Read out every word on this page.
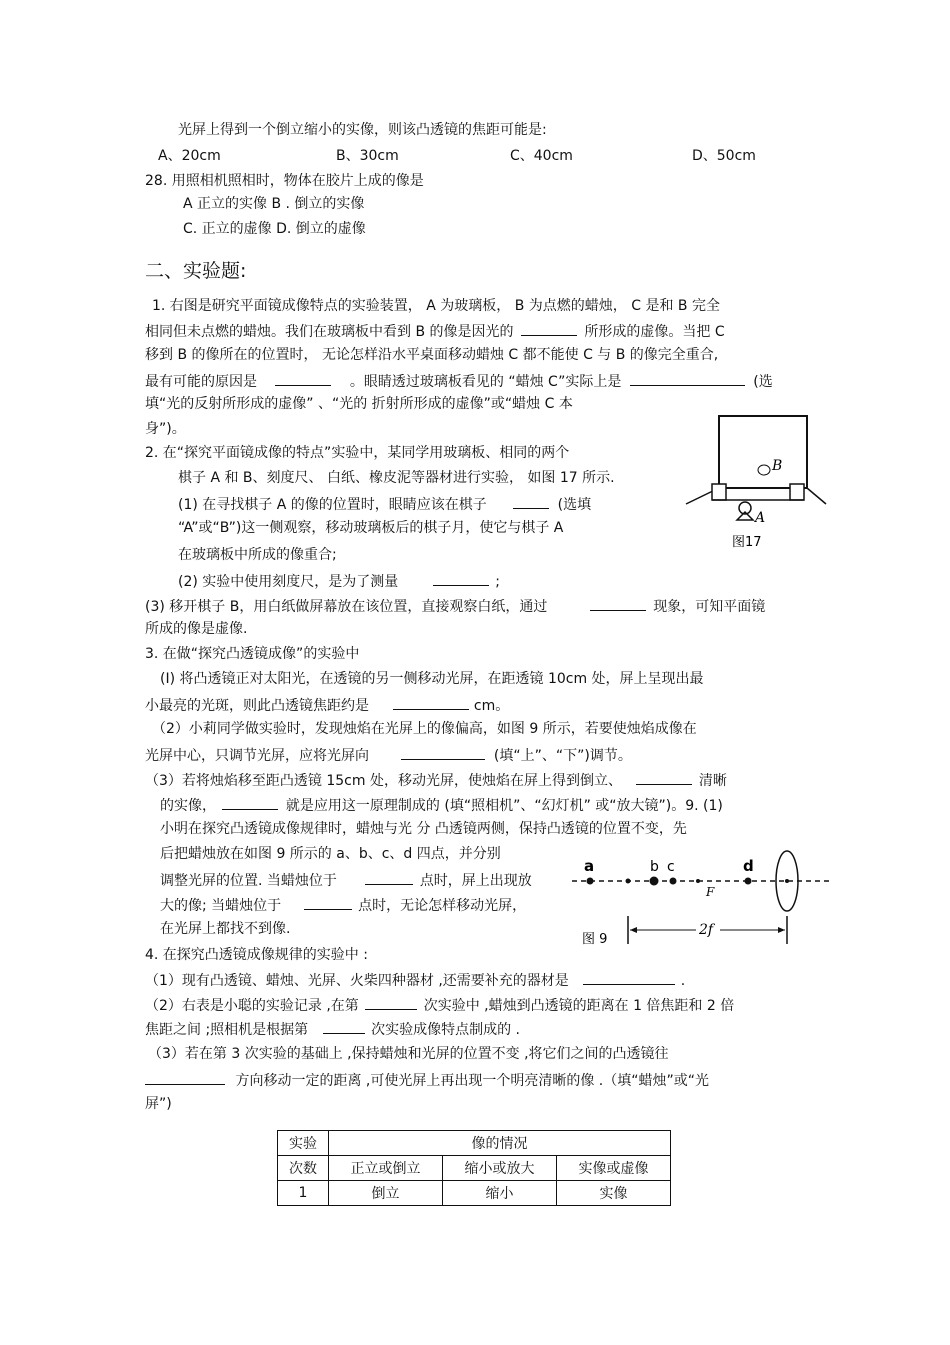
光屏上得到一个倒立缩小的实像，则该凸透镜的焦距可能是:
A、20cm	B、30cm	C、40cm	D、50cm
28. 用照相机照相时，物体在胶片上成的像是
A 正立的实像 B . 倒立的实像
C. 正立的虚像 D. 倒立的虚像
二、实验题:
1. 右图是研究平面镜成像特点的实验装置， A 为玻璃板， B 为点燃的蜡烛， C 是和 B 完全
相同但未点燃的蜡烛。我们在玻璃板中看到 B 的像是因光的	所形成的虚像。当把 C
移到 B 的像所在的位置时， 无论怎样沿水平桌面移动蜡烛 C 都不能使 C 与 B 的像完全重合,
最有可能的原因是	。眼睛透过玻璃板看见的 “蜡烛 C”实际上是	(选
填“光的反射所形成的虚像” 、“光的 折射所形成的虚像”或“蜡烛 C 本
身”)。
2. 在“探究平面镜成像的特点”实验中，某同学用玻璃板、相同的两个
棋子 A 和 B、刻度尺、 白纸、橡皮泥等器材进行实验， 如图 17 所示.
(1) 在寻找棋子 A 的像的位置时，眼睛应该在棋子	(选填
“A”或“B”)这一侧观察，移动玻璃板后的棋子月，使它与棋子 A
在玻璃板中所成的像重合;
(2) 实验中使用刻度尺，是为了测量	;
(3) 移开棋子 B，用白纸做屏幕放在该位置，直接观察白纸，通过	现象，可知平面镜
所成的像是虚像.
B
A
图17
3. 在做“探究凸透镜成像”的实验中
(I) 将凸透镜正对太阳光，在透镜的另一侧移动光屏，在距透镜 10cm 处，屏上呈现出最
小最亮的光斑，则此凸透镜焦距约是	cm。
（2）小莉同学做实验时，发现烛焰在光屏上的像偏高，如图 9 所示，若要使烛焰成像在
光屏中心，只调节光屏，应将光屏向	(填“上”、“下”)调节。
（3）若将烛焰移至距凸透镜 15cm 处，移动光屏，使烛焰在屏上得到倒立、	清晰
的实像，	就是应用这一原理制成的 (填“照相机”、“幻灯机” 或“放大镜”)。9. (1)
小明在探究凸透镜成像规律时，蜡烛与光 分 凸透镜两侧，保持凸透镜的位置不变，先
后把蜡烛放在如图 9 所示的 a、b、c、d 四点，并分别
调整光屏的位置. 当蜡烛位于	点时，屏上出现放
大的像; 当蜡烛位于	点时，无论怎样移动光屏，
在光屏上都找不到像.
a	b c
F
d
2f
图 9
4. 在探究凸透镜成像规律的实验中 :
（1）现有凸透镜、蜡烛、光屏、火柴四种器材 ,还需要补充的器材是	.
（2）右表是小聪的实验记录 ,在第	次实验中 ,蜡烛到凸透镜的距离在 1 倍焦距和 2 倍
焦距之间 ;照相机是根据第	次实验成像特点制成的 .
（3）若在第 3 次实验的基础上 ,保持蜡烛和光屏的位置不变 ,将它们之间的凸透镜往
方向移动一定的距离 ,可使光屏上再出现一个明亮清晰的像 .（填“蜡烛”或“光
屏”)
实验	像的情况		
次数	正立或倒立	缩小或放大	实像或虚像
1	倒立	缩小	实像
